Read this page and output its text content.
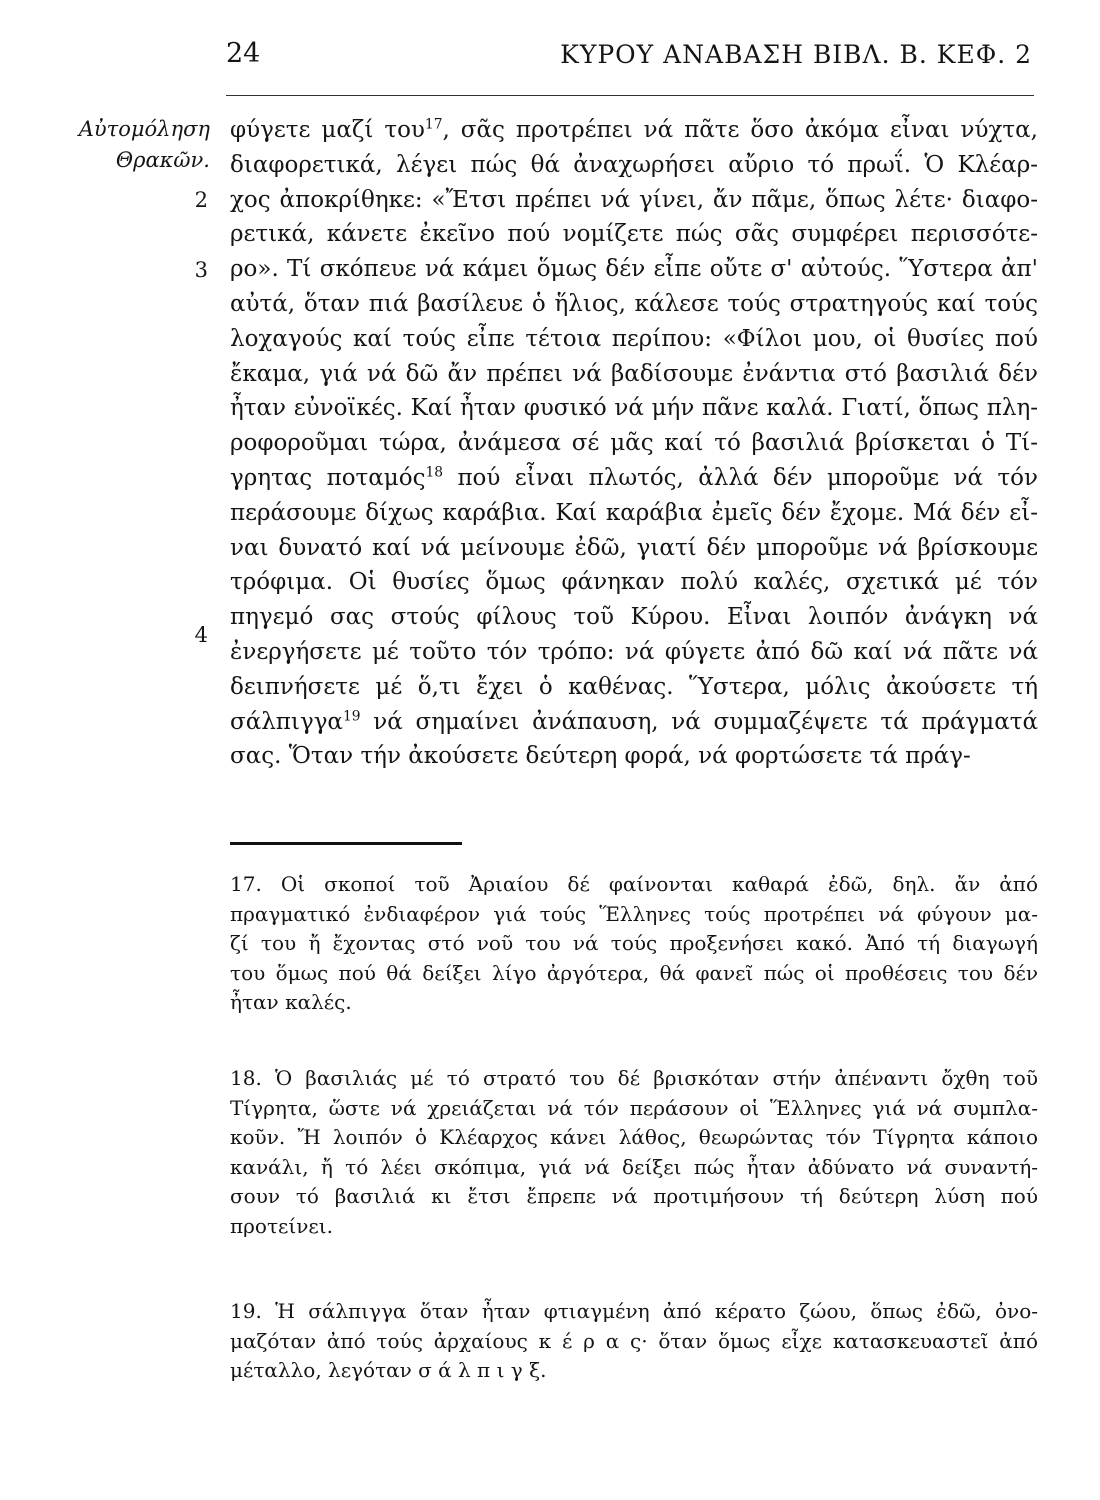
24	ΚΥΡΟΥ ΑΝΑΒΑΣΗ ΒΙΒΛ. Β. ΚΕΦ. 2
Αὐτομόληση
Θρακῶν.
2
3
4
φύγετε μαζί του$^{17}$, σᾶς προτρέπει νά πᾶτε ὅσο ἀκόμα εἶναι νύχτα,
διαφορετικά, λέγει πώς θά ἀναχωρήσει αὔριο τό πρωΐ. Ὁ Κλέαρ-
χος ἀποκρίθηκε: «Ἔτσι πρέπει νά γίνει, ἄν πᾶμε, ὅπως λέτε· διαφο-
ρετικά, κάνετε ἐκεῖνο πού νομίζετε πώς σᾶς συμφέρει περισσότε-
ρο». Τί σκόπευε νά κάμει ὅμως δέν εἶπε οὔτε σ' αὐτούς. Ὕστερα ἀπ'
αὐτά, ὅταν πιά βασίλευε ὁ ἥλιος, κάλεσε τούς στρατηγούς καί τούς
λοχαγούς καί τούς εἶπε τέτοια περίπου: «Φίλοι μου, οἱ θυσίες πού
ἔκαμα, γιά νά δῶ ἄν πρέπει νά βαδίσουμε ἐνάντια στό βασιλιά δέν
ἦταν εὐνοϊκές. Καί ἦταν φυσικό νά μήν πᾶνε καλά. Γιατί, ὅπως πλη-
ροφοροῦμαι τώρα, ἀνάμεσα σέ μᾶς καί τό βασιλιά βρίσκεται ὁ Τί-
γρητας ποταμός$^{18}$ πού εἶναι πλωτός, ἀλλά δέν μποροῦμε νά τόν
περάσουμε δίχως καράβια. Καί καράβια ἐμεῖς δέν ἔχομε. Μά δέν εἶ-
ναι δυνατό καί νά μείνουμε ἐδῶ, γιατί δέν μποροῦμε νά βρίσκουμε
τρόφιμα. Οἱ θυσίες ὅμως φάνηκαν πολύ καλές, σχετικά μέ τόν
πηγεμό σας στούς φίλους τοῦ Κύρου. Εἶναι λοιπόν ἀνάγκη νά
ἐνεργήσετε μέ τοῦτο τόν τρόπο: νά φύγετε ἀπό δῶ καί νά πᾶτε νά
δειπνήσετε μέ ὅ,τι ἔχει ὁ καθένας. Ὕστερα, μόλις ἀκούσετε τή
σάλπιγγα$^{19}$ νά σημαίνει ἀνάπαυση, νά συμμαζέψετε τά πράγματά
σας. Ὅταν τήν ἀκούσετε δεύτερη φορά, νά φορτώσετε τά πράγ-
17. Οἱ σκοποί τοῦ Ἀριαίου δέ φαίνονται καθαρά ἐδῶ, δηλ. ἄν ἀπό
πραγματικό ἐνδιαφέρον γιά τούς Ἕλληνες τούς προτρέπει νά φύγουν μα-
ζί του ἤ ἔχοντας στό νοῦ του νά τούς προξενήσει κακό. Ἀπό τή διαγωγή
του ὅμως πού θά δείξει λίγο ἀργότερα, θά φανεῖ πώς οἱ προθέσεις του δέν
ἦταν καλές.
18. Ὁ βασιλιάς μέ τό στρατό του δέ βρισκόταν στήν ἀπέναντι ὄχθη τοῦ
Τίγρητα, ὥστε νά χρειάζεται νά τόν περάσουν οἱ Ἕλληνες γιά νά συμπλα-
κοῦν. Ἤ λοιπόν ὁ Κλέαρχος κάνει λάθος, θεωρώντας τόν Τίγρητα κάποιο
κανάλι, ἤ τό λέει σκόπιμα, γιά νά δείξει πώς ἦταν ἀδύνατο νά συναντή-
σουν τό βασιλιά κι ἔτσι ἔπρεπε νά προτιμήσουν τή δεύτερη λύση πού
προτείνει.
19. Ἡ σάλπιγγα ὅταν ἦταν φτιαγμένη ἀπό κέρατο ζώου, ὅπως ἐδῶ, ὀνο-
μαζόταν ἀπό τούς ἀρχαίους κ έ ρ α ς· ὅταν ὅμως εἶχε κατασκευαστεῖ ἀπό
μέταλλο, λεγόταν σ ά λ π ι γ ξ.
